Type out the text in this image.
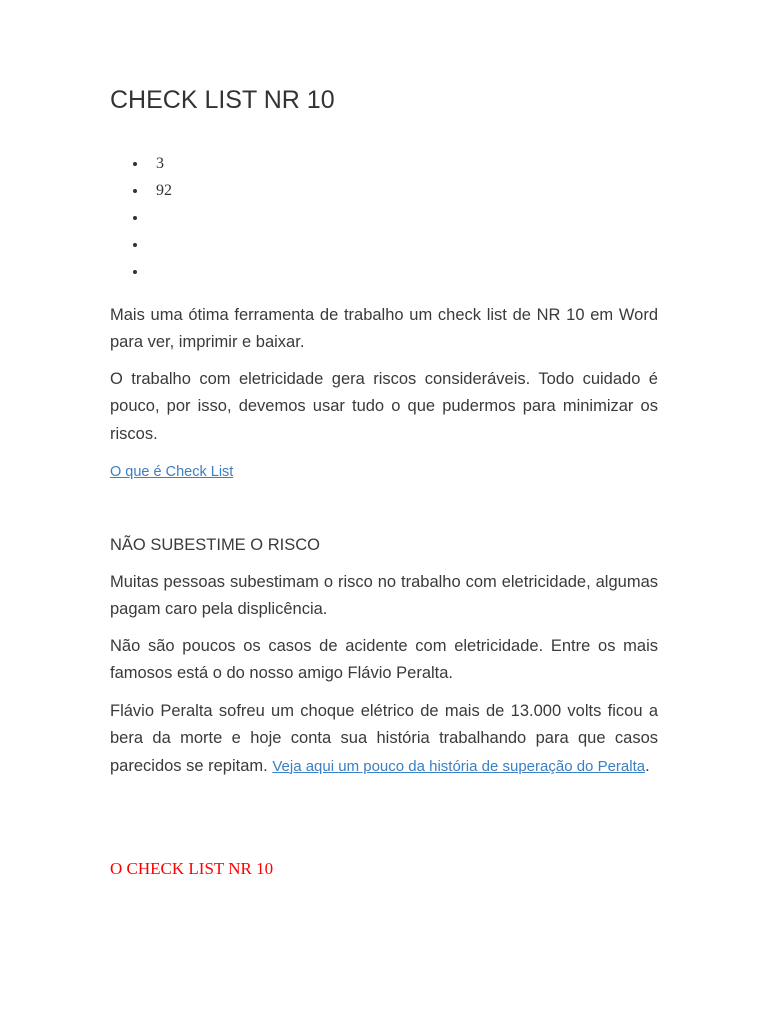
CHECK LIST NR 10
3
92

Mais uma ótima ferramenta de trabalho um check list de NR 10 em Word para ver, imprimir e baixar.

O trabalho com eletricidade gera riscos consideráveis. Todo cuidado é pouco, por isso, devemos usar tudo o que pudermos para minimizar os riscos.

O que é Check List
NÃO SUBESTIME O RISCO

Muitas pessoas subestimam o risco no trabalho com eletricidade, algumas pagam caro pela displicência.

Não são poucos os casos de acidente com eletricidade. Entre os mais famosos está o do nosso amigo Flávio Peralta.

Flávio Peralta sofreu um choque elétrico de mais de 13.000 volts ficou a bera da morte e hoje conta sua história trabalhando para que casos parecidos se repitam. Veja aqui um pouco da história de superação do Peralta.

O CHECK LIST NR 10
